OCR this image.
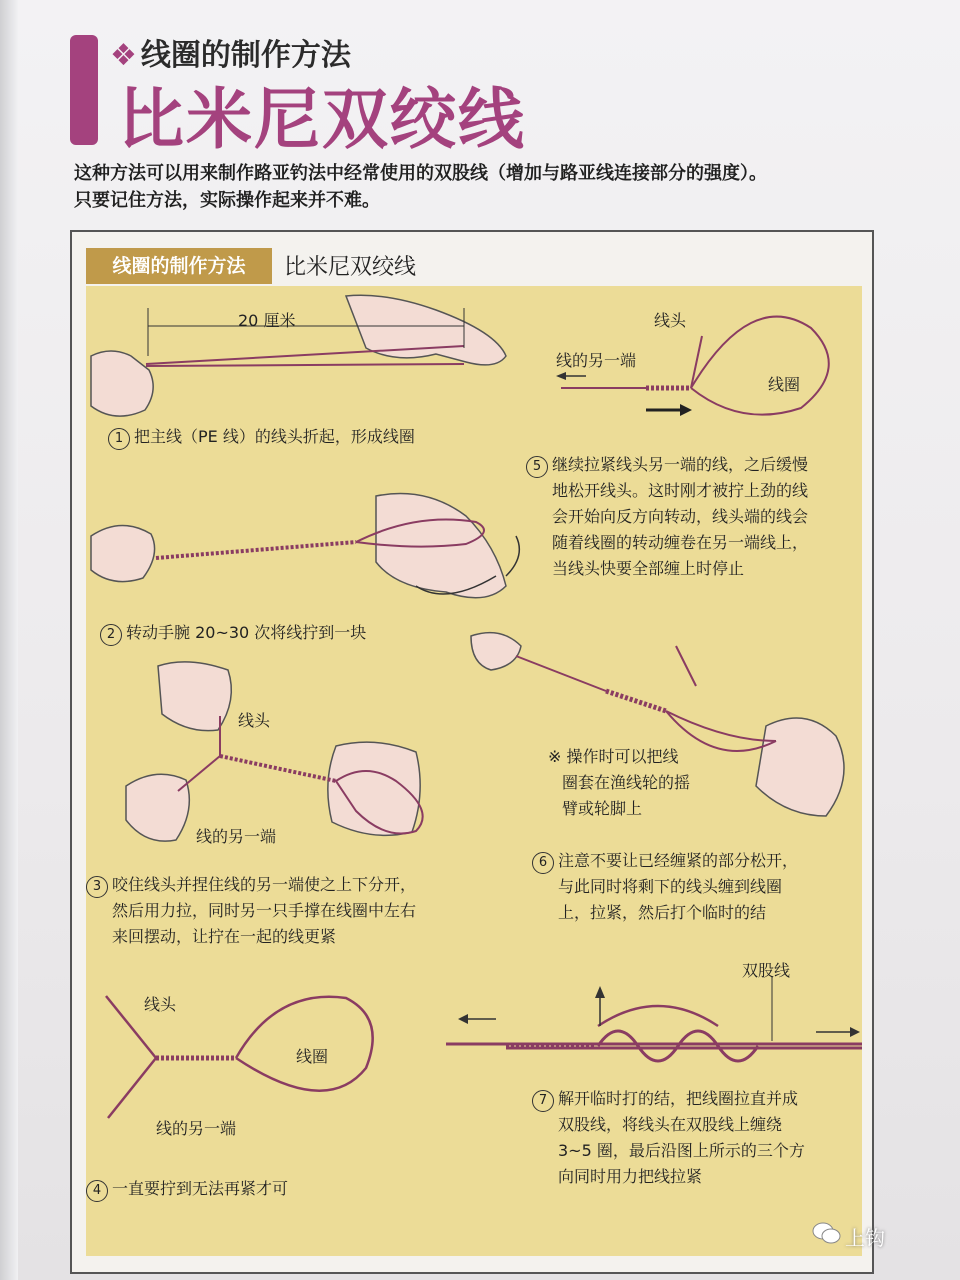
❖ 线圈的制作方法
比米尼双绞线
这种方法可以用来制作路亚钓法中经常使用的双股线（增加与路亚线连接部分的强度）。
只要记住方法，实际操作起来并不难。
线圈的制作方法	比米尼双绞线
20 厘米	线头
线的另一端
线圈
线头
线的另一端
线头
线圈
线的另一端
双股线
1 把主线（PE 线）的线头折起，形成线圈
2 转动手腕 20~30 次将线拧到一块
3 咬住线头并捏住线的另一端使之上下分开，
然后用力拉，同时另一只手撑在线圈中左右
来回摆动，让拧在一起的线更紧
4 一直要拧到无法再紧才可
5 继续拉紧线头另一端的线，之后缓慢
地松开线头。这时刚才被拧上劲的线
会开始向反方向转动，线头端的线会
随着线圈的转动缠卷在另一端线上，
当线头快要全部缠上时停止
※ 操作时可以把线
圈套在渔线轮的摇
臂或轮脚上
6 注意不要让已经缠紧的部分松开，
与此同时将剩下的线头缠到线圈
上，拉紧，然后打个临时的结
7 解开临时打的结，把线圈拉直并成
双股线，将线头在双股线上缠绕
3~5 圈，最后沿图上所示的三个方
向同时用力把线拉紧
上钩
